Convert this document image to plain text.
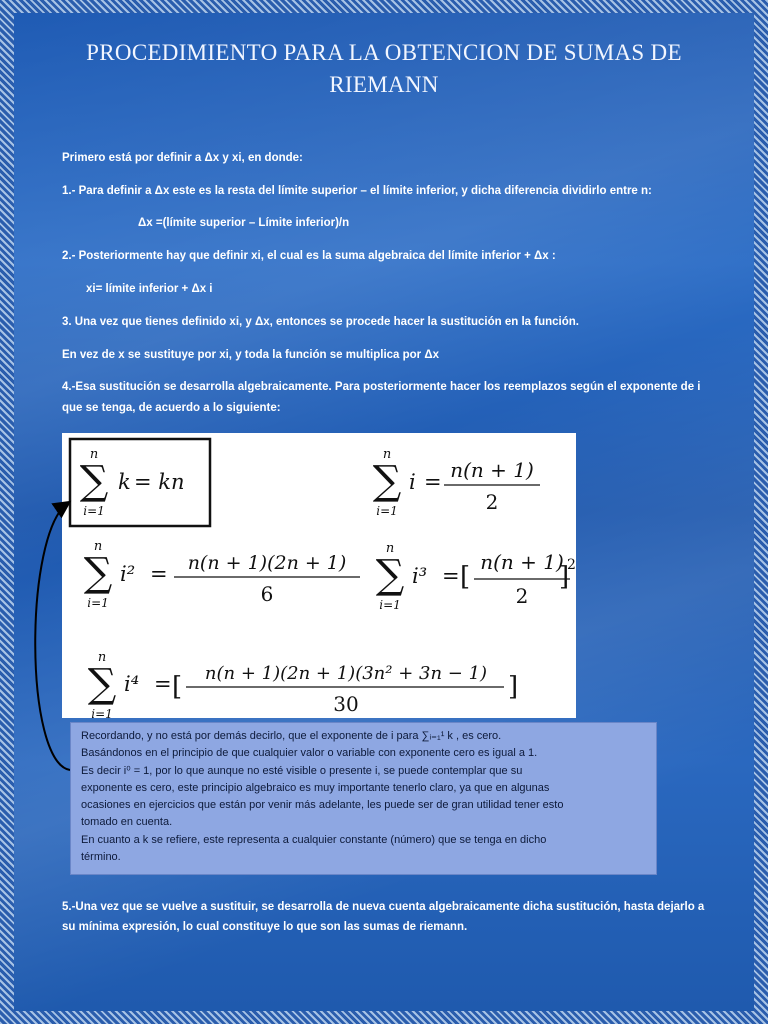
PROCEDIMIENTO PARA LA OBTENCION DE SUMAS DE
RIEMANN
Primero está por definir a Δx y xi, en donde:
1.- Para definir a Δx este es la resta del límite superior – el límite inferior, y dicha diferencia dividirlo entre n:
Δx =(límite superior – Límite inferior)/n
2.- Posteriormente hay que definir xi, el cual es la suma algebraica del límite inferior + Δx :
xi= límite inferior + Δx i
3. Una vez que tienes definido xi, y Δx, entonces se procede hacer la sustitución en la función.
En vez de x se sustituye por xi, y toda la función se multiplica por Δx
4.-Esa sustitución se desarrolla algebraicamente. Para posteriormente hacer los reemplazos según el exponente de i
que se tenga, de acuerdo a lo siguiente:
n
∑
i=1
k = kn
n
∑
i=1
i = n(n + 1)
2
n
∑
i=1
i² = n(n + 1)(2n + 1)
6
n
∑
i=1
i³ = [ n(n + 1)
2
]
2
n
∑
i=1
i⁴ = [ n(n + 1)(2n + 1)(3n² + 3n − 1)
30
]
Recordando, y no está por demás decirlo, que el exponente de i para ∑ᵢ₌₁¹ k , es cero.
Basándonos en el principio de que cualquier valor o variable con exponente cero es igual a 1.
Es decir i⁰ = 1, por lo que aunque no esté visible o presente i, se puede contemplar que su
exponente es cero, este principio algebraico es muy importante tenerlo claro, ya que en algunas
ocasiones en ejercicios que están por venir más adelante, les puede ser de gran utilidad tener esto
tomado en cuenta.
En cuanto a k se refiere, este representa a cualquier constante (número) que se tenga en dicho
término.
5.-Una vez que se vuelve a sustituir, se desarrolla de nueva cuenta algebraicamente dicha sustitución, hasta dejarlo a
su mínima expresión, lo cual constituye lo que son las sumas de riemann.
